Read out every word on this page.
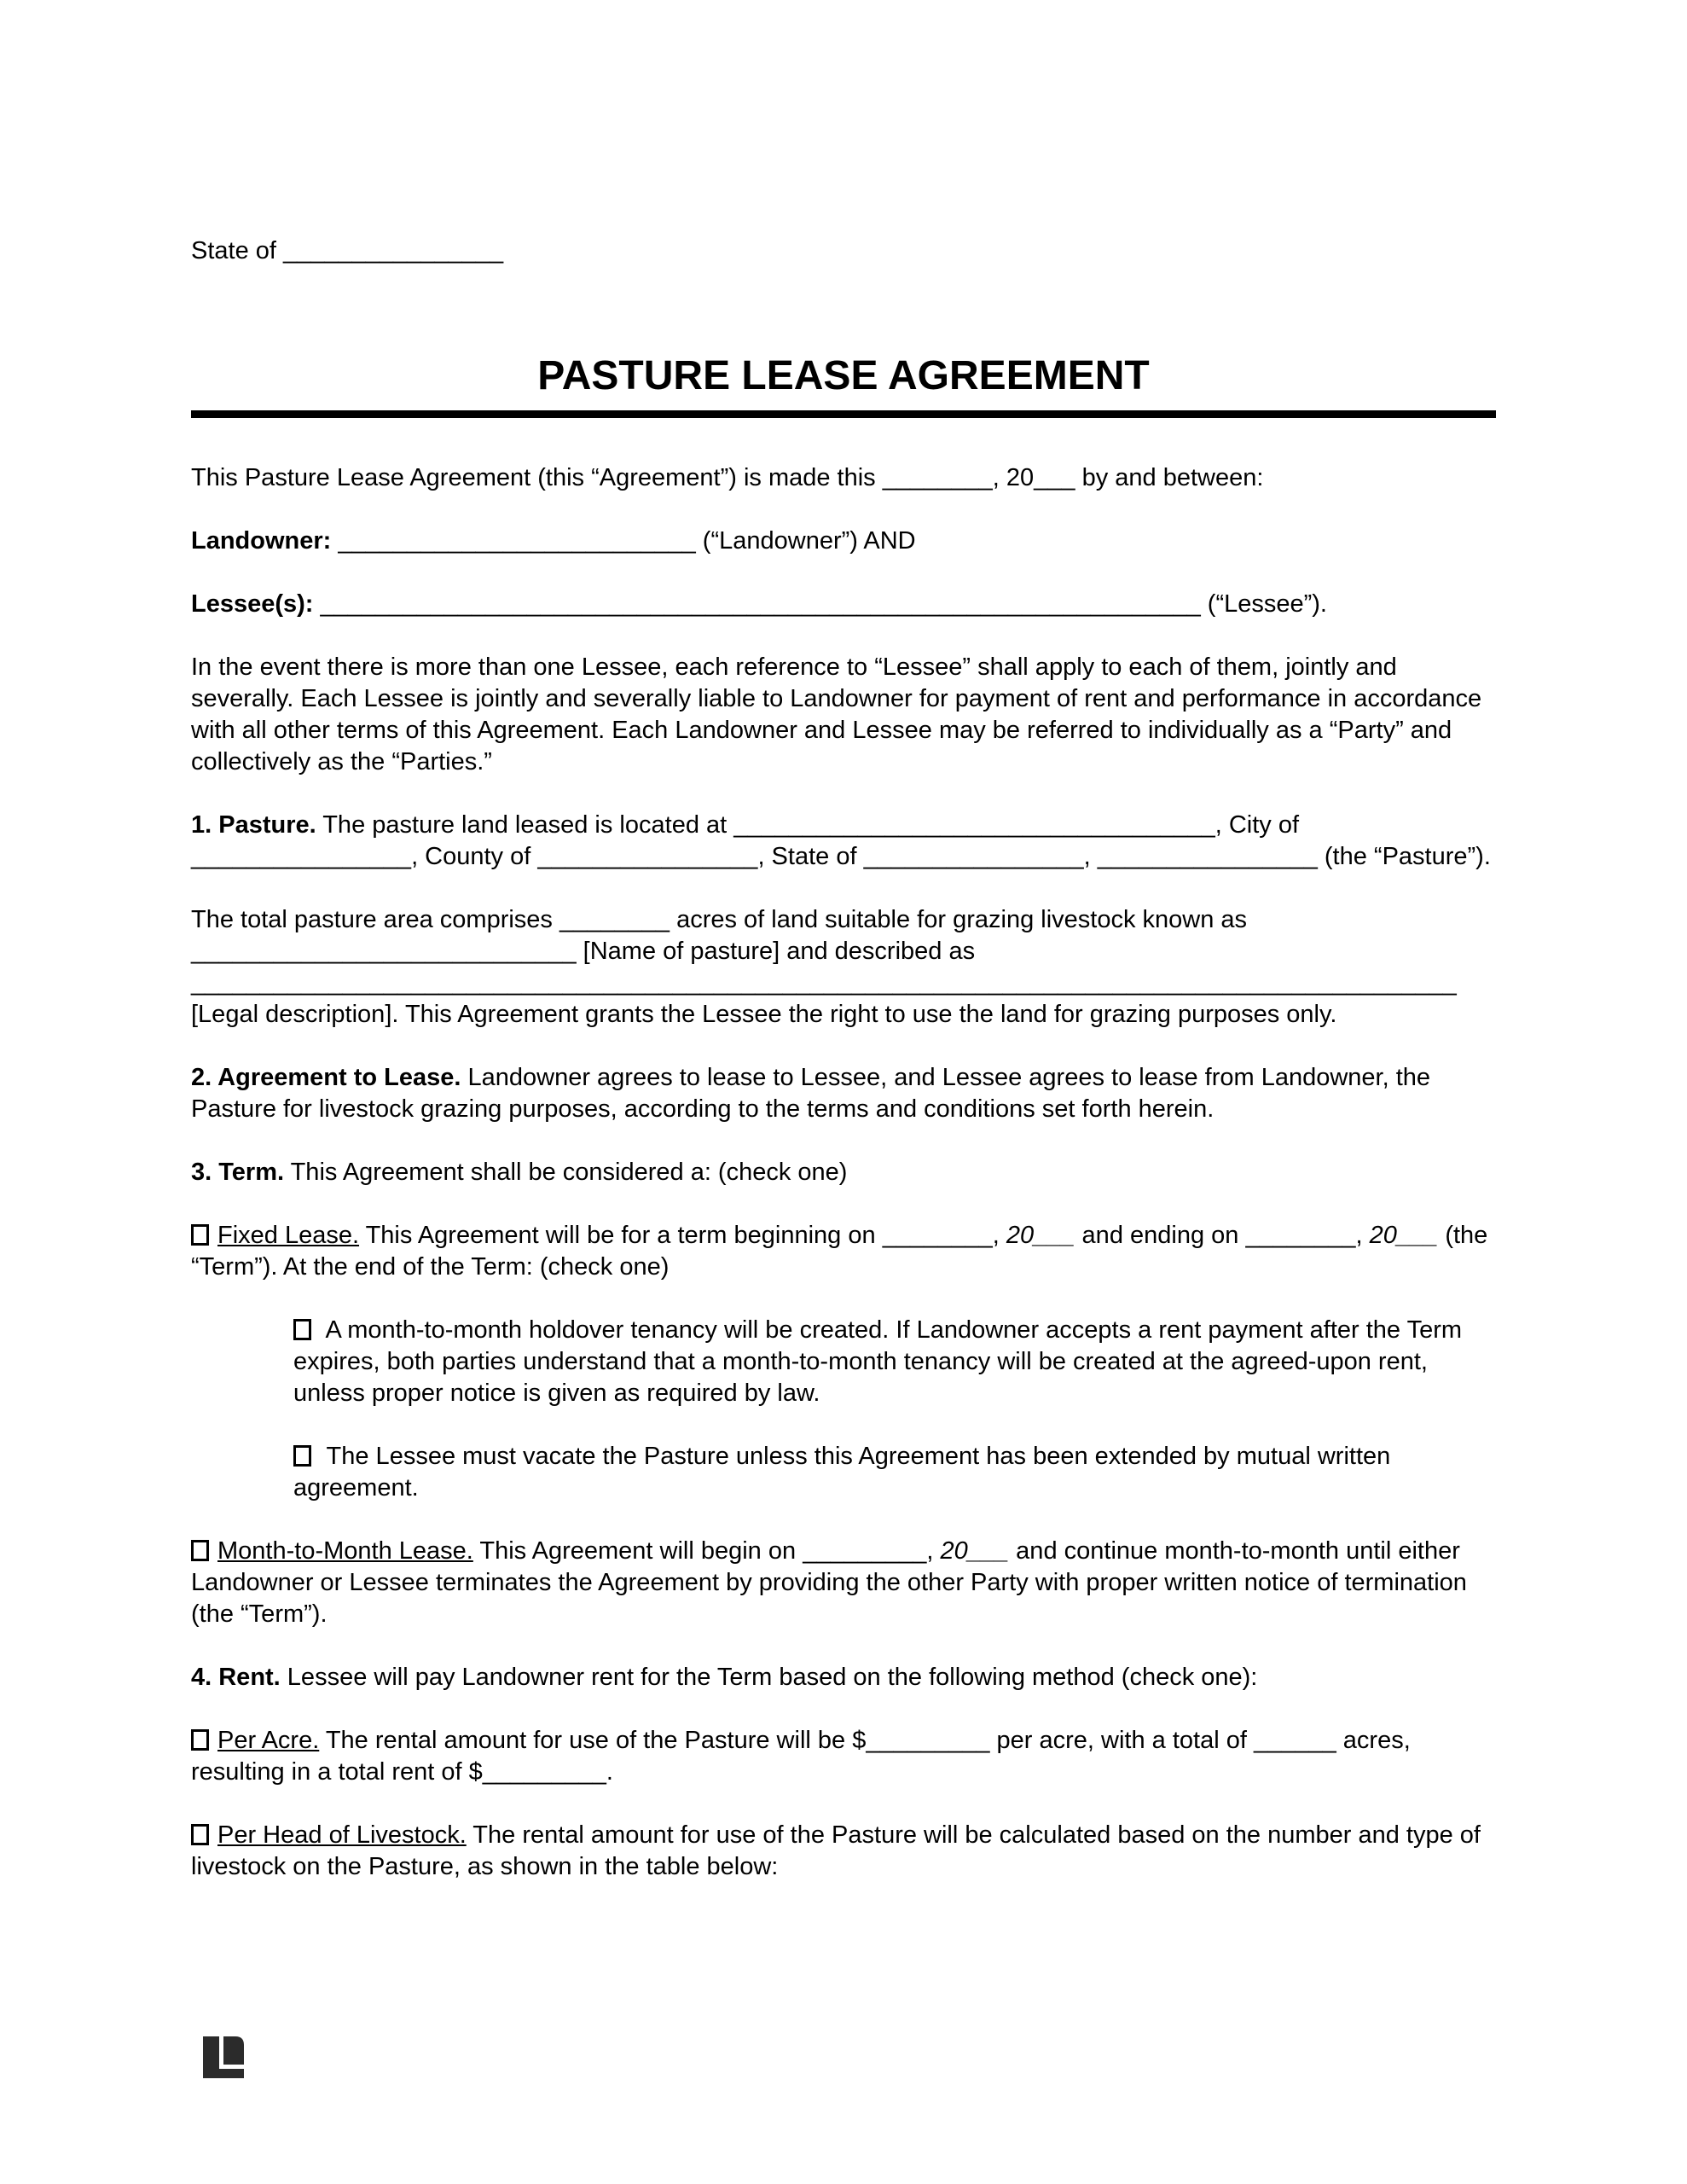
State of ________________

PASTURE LEASE AGREEMENT

This Pasture Lease Agreement (this “Agreement”) is made this ________, 20___ by and between:

Landowner: __________________________ (“Landowner”) AND

Lessee(s): ________________________________________________________________ (“Lessee”).

In the event there is more than one Lessee, each reference to “Lessee” shall apply to each of them, jointly and severally. Each Lessee is jointly and severally liable to Landowner for payment of rent and performance in accordance with all other terms of this Agreement. Each Landowner and Lessee may be referred to individually as a “Party” and collectively as the “Parties.”

1. Pasture. The pasture land leased is located at ___________________________________, City of ________________, County of ________________, State of ________________, ________________ (the “Pasture”).

The total pasture area comprises ________ acres of land suitable for grazing livestock known as ____________________________ [Name of pasture] and described as ____________________________________________________________________________________________ [Legal description]. This Agreement grants the Lessee the right to use the land for grazing purposes only.

2. Agreement to Lease. Landowner agrees to lease to Lessee, and Lessee agrees to lease from Landowner, the Pasture for livestock grazing purposes, according to the terms and conditions set forth herein.

3. Term. This Agreement shall be considered a: (check one)

Fixed Lease. This Agreement will be for a term beginning on ________, 20___ and ending on ________, 20___ (the “Term”). At the end of the Term: (check one)

A month-to-month holdover tenancy will be created. If Landowner accepts a rent payment after the Term expires, both parties understand that a month-to-month tenancy will be created at the agreed-upon rent, unless proper notice is given as required by law.

The Lessee must vacate the Pasture unless this Agreement has been extended by mutual written agreement.

Month-to-Month Lease. This Agreement will begin on _________, 20___ and continue month-to-month until either Landowner or Lessee terminates the Agreement by providing the other Party with proper written notice of termination (the “Term”).

4. Rent. Lessee will pay Landowner rent for the Term based on the following method (check one):

Per Acre. The rental amount for use of the Pasture will be $_________ per acre, with a total of ______ acres, resulting in a total rent of $_________.

Per Head of Livestock. The rental amount for use of the Pasture will be calculated based on the number and type of livestock on the Pasture, as shown in the table below:
